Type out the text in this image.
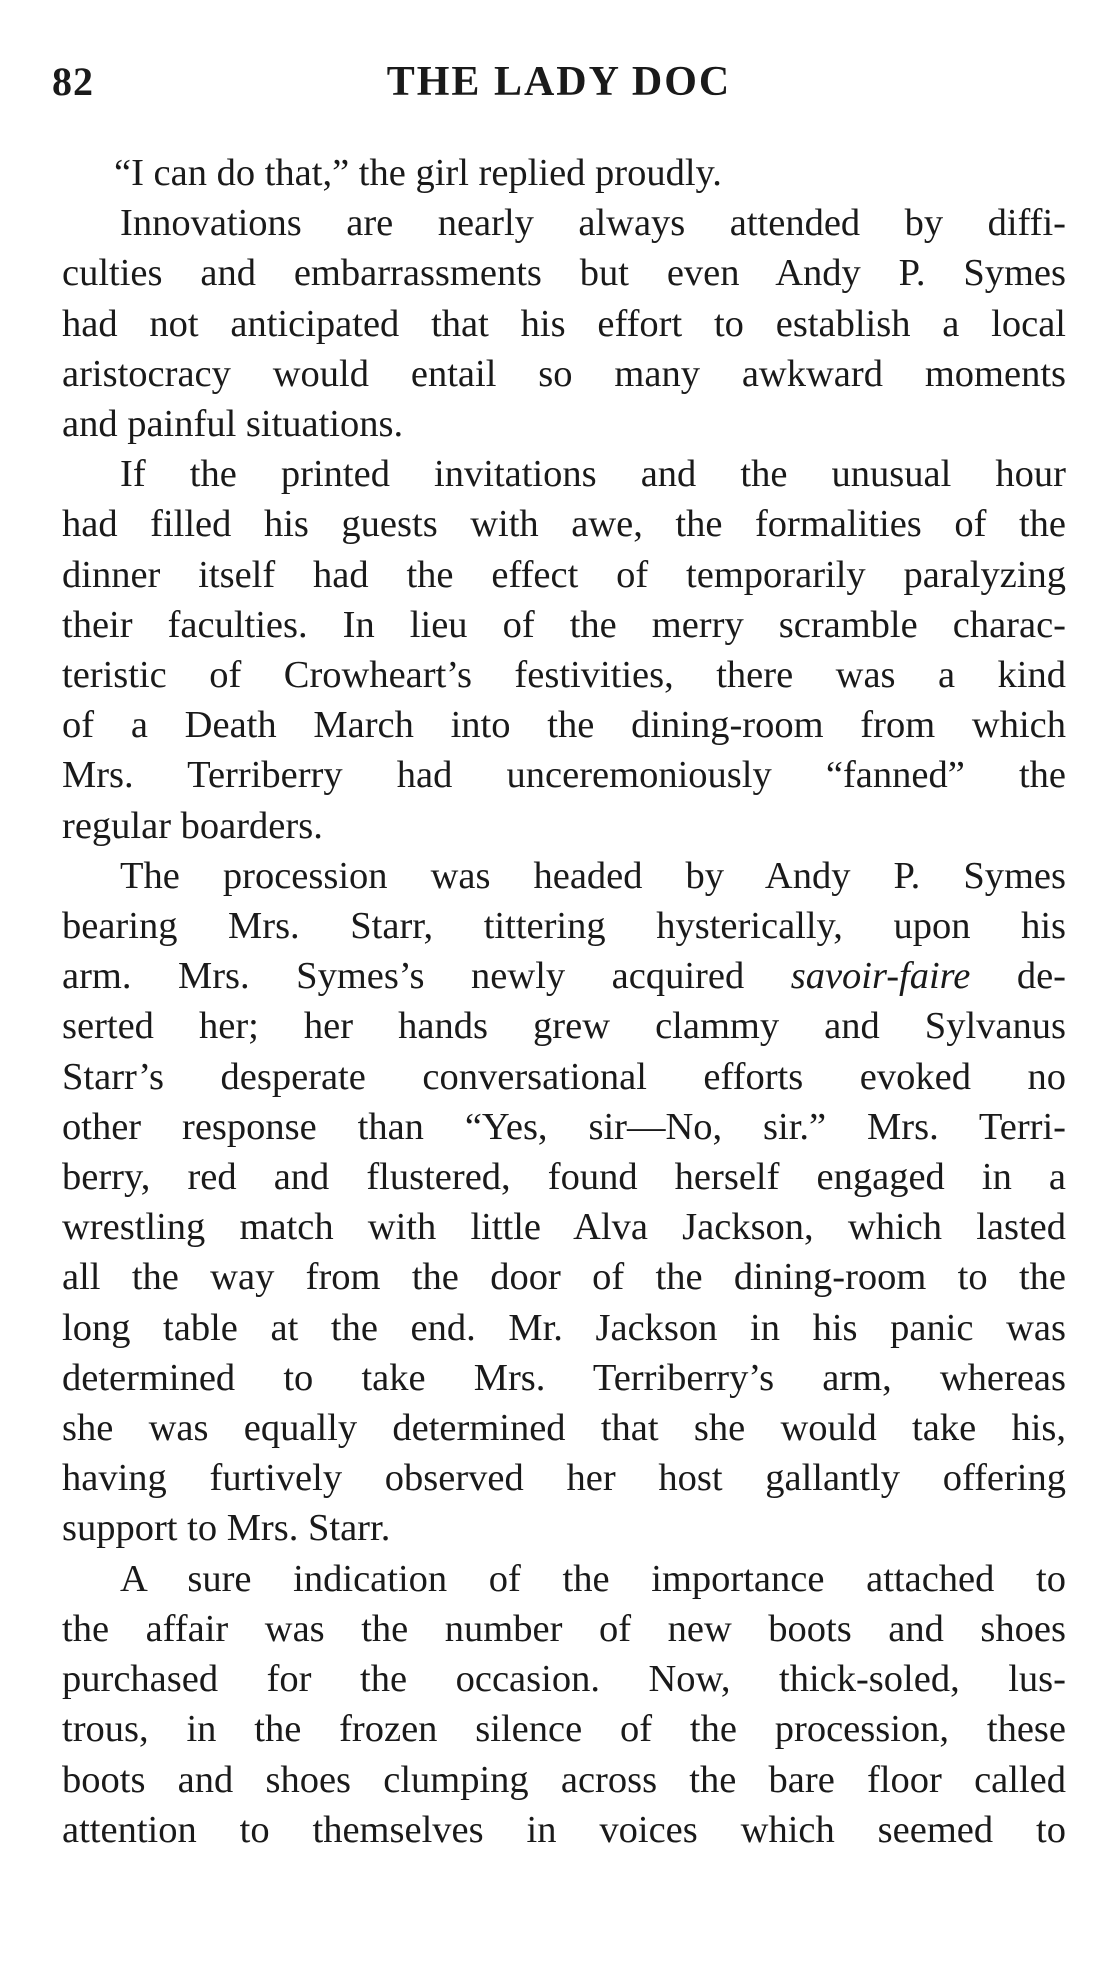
82	THE LADY DOC

“I can do that,” the girl replied proudly.

Innovations are nearly always attended by diffi-
culties and embarrassments but even Andy P. Symes
had not anticipated that his effort to establish a local
aristocracy would entail so many awkward moments
and painful situations.

If the printed invitations and the unusual hour
had filled his guests with awe, the formalities of the
dinner itself had the effect of temporarily paralyzing
their faculties. In lieu of the merry scramble charac-
teristic of Crowheart’s festivities, there was a kind
of a Death March into the dining-room from which
Mrs. Terriberry had unceremoniously “fanned” the
regular boarders.

The procession was headed by Andy P. Symes
bearing Mrs. Starr, tittering hysterically, upon his
arm. Mrs. Symes’s newly acquired savoir-faire de-
serted her; her hands grew clammy and Sylvanus
Starr’s desperate conversational efforts evoked no
other response than “Yes, sir—No, sir.” Mrs. Terri-
berry, red and flustered, found herself engaged in a
wrestling match with little Alva Jackson, which lasted
all the way from the door of the dining-room to the
long table at the end. Mr. Jackson in his panic was
determined to take Mrs. Terriberry’s arm, whereas
she was equally determined that she would take his,
having furtively observed her host gallantly offering
support to Mrs. Starr.

A sure indication of the importance attached to
the affair was the number of new boots and shoes
purchased for the occasion. Now, thick-soled, lus-
trous, in the frozen silence of the procession, these
boots and shoes clumping across the bare floor called
attention to themselves in voices which seemed to
